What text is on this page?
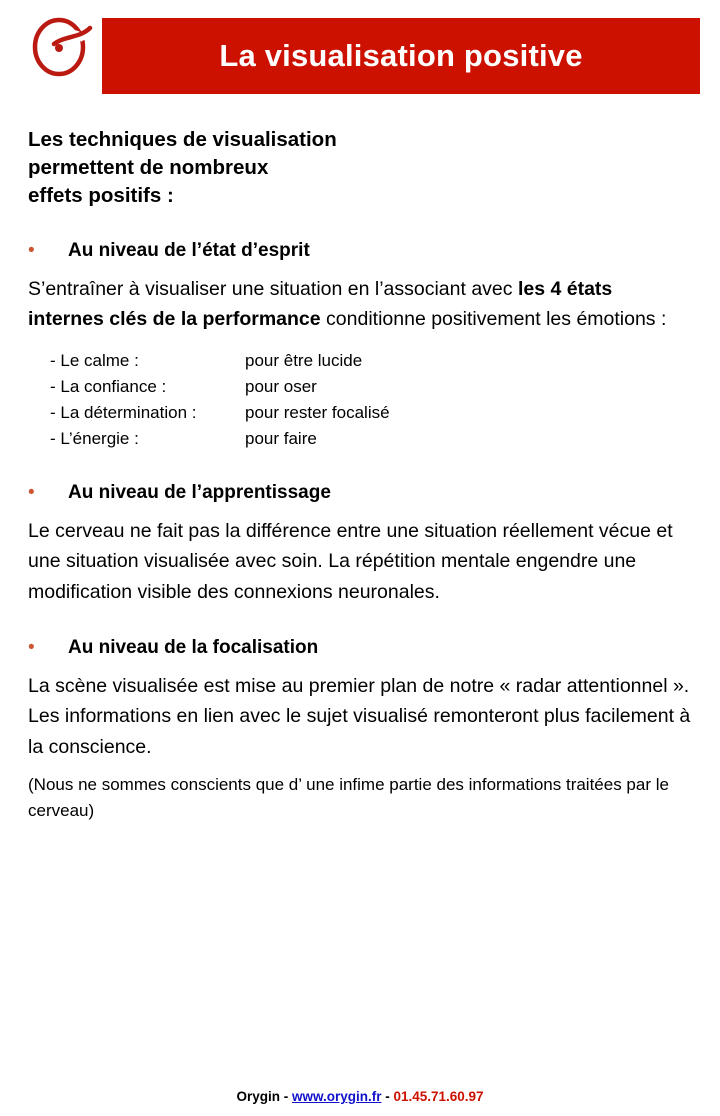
La visualisation positive
Les techniques de visualisation
permettent de nombreux
effets positifs :
•	Au niveau de l’état d’esprit
S’entraîner à visualiser une situation en l’associant avec les 4 états internes clés de la performance conditionne positivement les émotions :
- Le calme :	pour être lucide
- La confiance :	pour oser
- La détermination :	pour rester focalisé
- L’énergie :	pour faire
•	Au niveau de l’apprentissage
Le cerveau ne fait pas la différence entre une situation réellement vécue et une situation visualisée avec soin. La répétition mentale engendre une modification visible des connexions neuronales.
•	Au niveau de la focalisation
La scène visualisée est mise au premier plan de notre « radar attentionnel ». Les informations en lien avec le sujet visualisé remonteront plus facilement à la conscience.
(Nous ne sommes conscients que d’ une infime partie des informations traitées par le cerveau)
Orygin - www.orygin.fr - 01.45.71.60.97
